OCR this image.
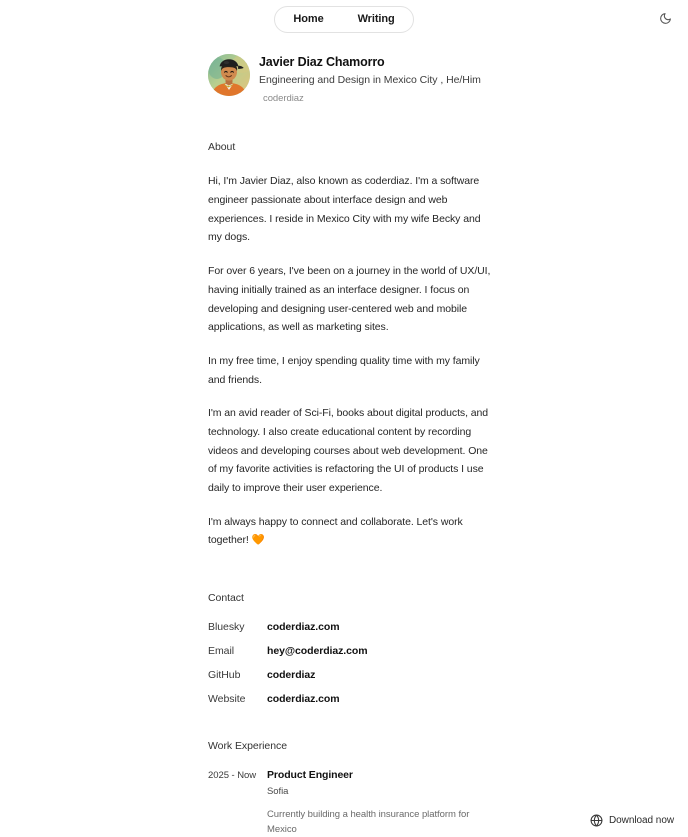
Home	Writing
Javier Diaz Chamorro
Engineering and Design in Mexico City , He/Him
coderdiaz
About

Hi, I'm Javier Diaz, also known as coderdiaz. I'm a software engineer passionate about interface design and web experiences. I reside in Mexico City with my wife Becky and my dogs.

For over 6 years, I've been on a journey in the world of UX/UI, having initially trained as an interface designer. I focus on developing and designing user-centered web and mobile applications, as well as marketing sites.

In my free time, I enjoy spending quality time with my family and friends.

I'm an avid reader of Sci-Fi, books about digital products, and technology. I also create educational content by recording videos and developing courses about web development. One of my favorite activities is refactoring the UI of products I use daily to improve their user experience.

I'm always happy to connect and collaborate. Let's work together! 🧡

Contact
Bluesky	coderdiaz.com
Email	hey@coderdiaz.com
GitHub	coderdiaz
Website	coderdiaz.com
Work Experience
2025 - Now	Product Engineer
Sofia
Currently building a health insurance platform for Mexico
Download now
